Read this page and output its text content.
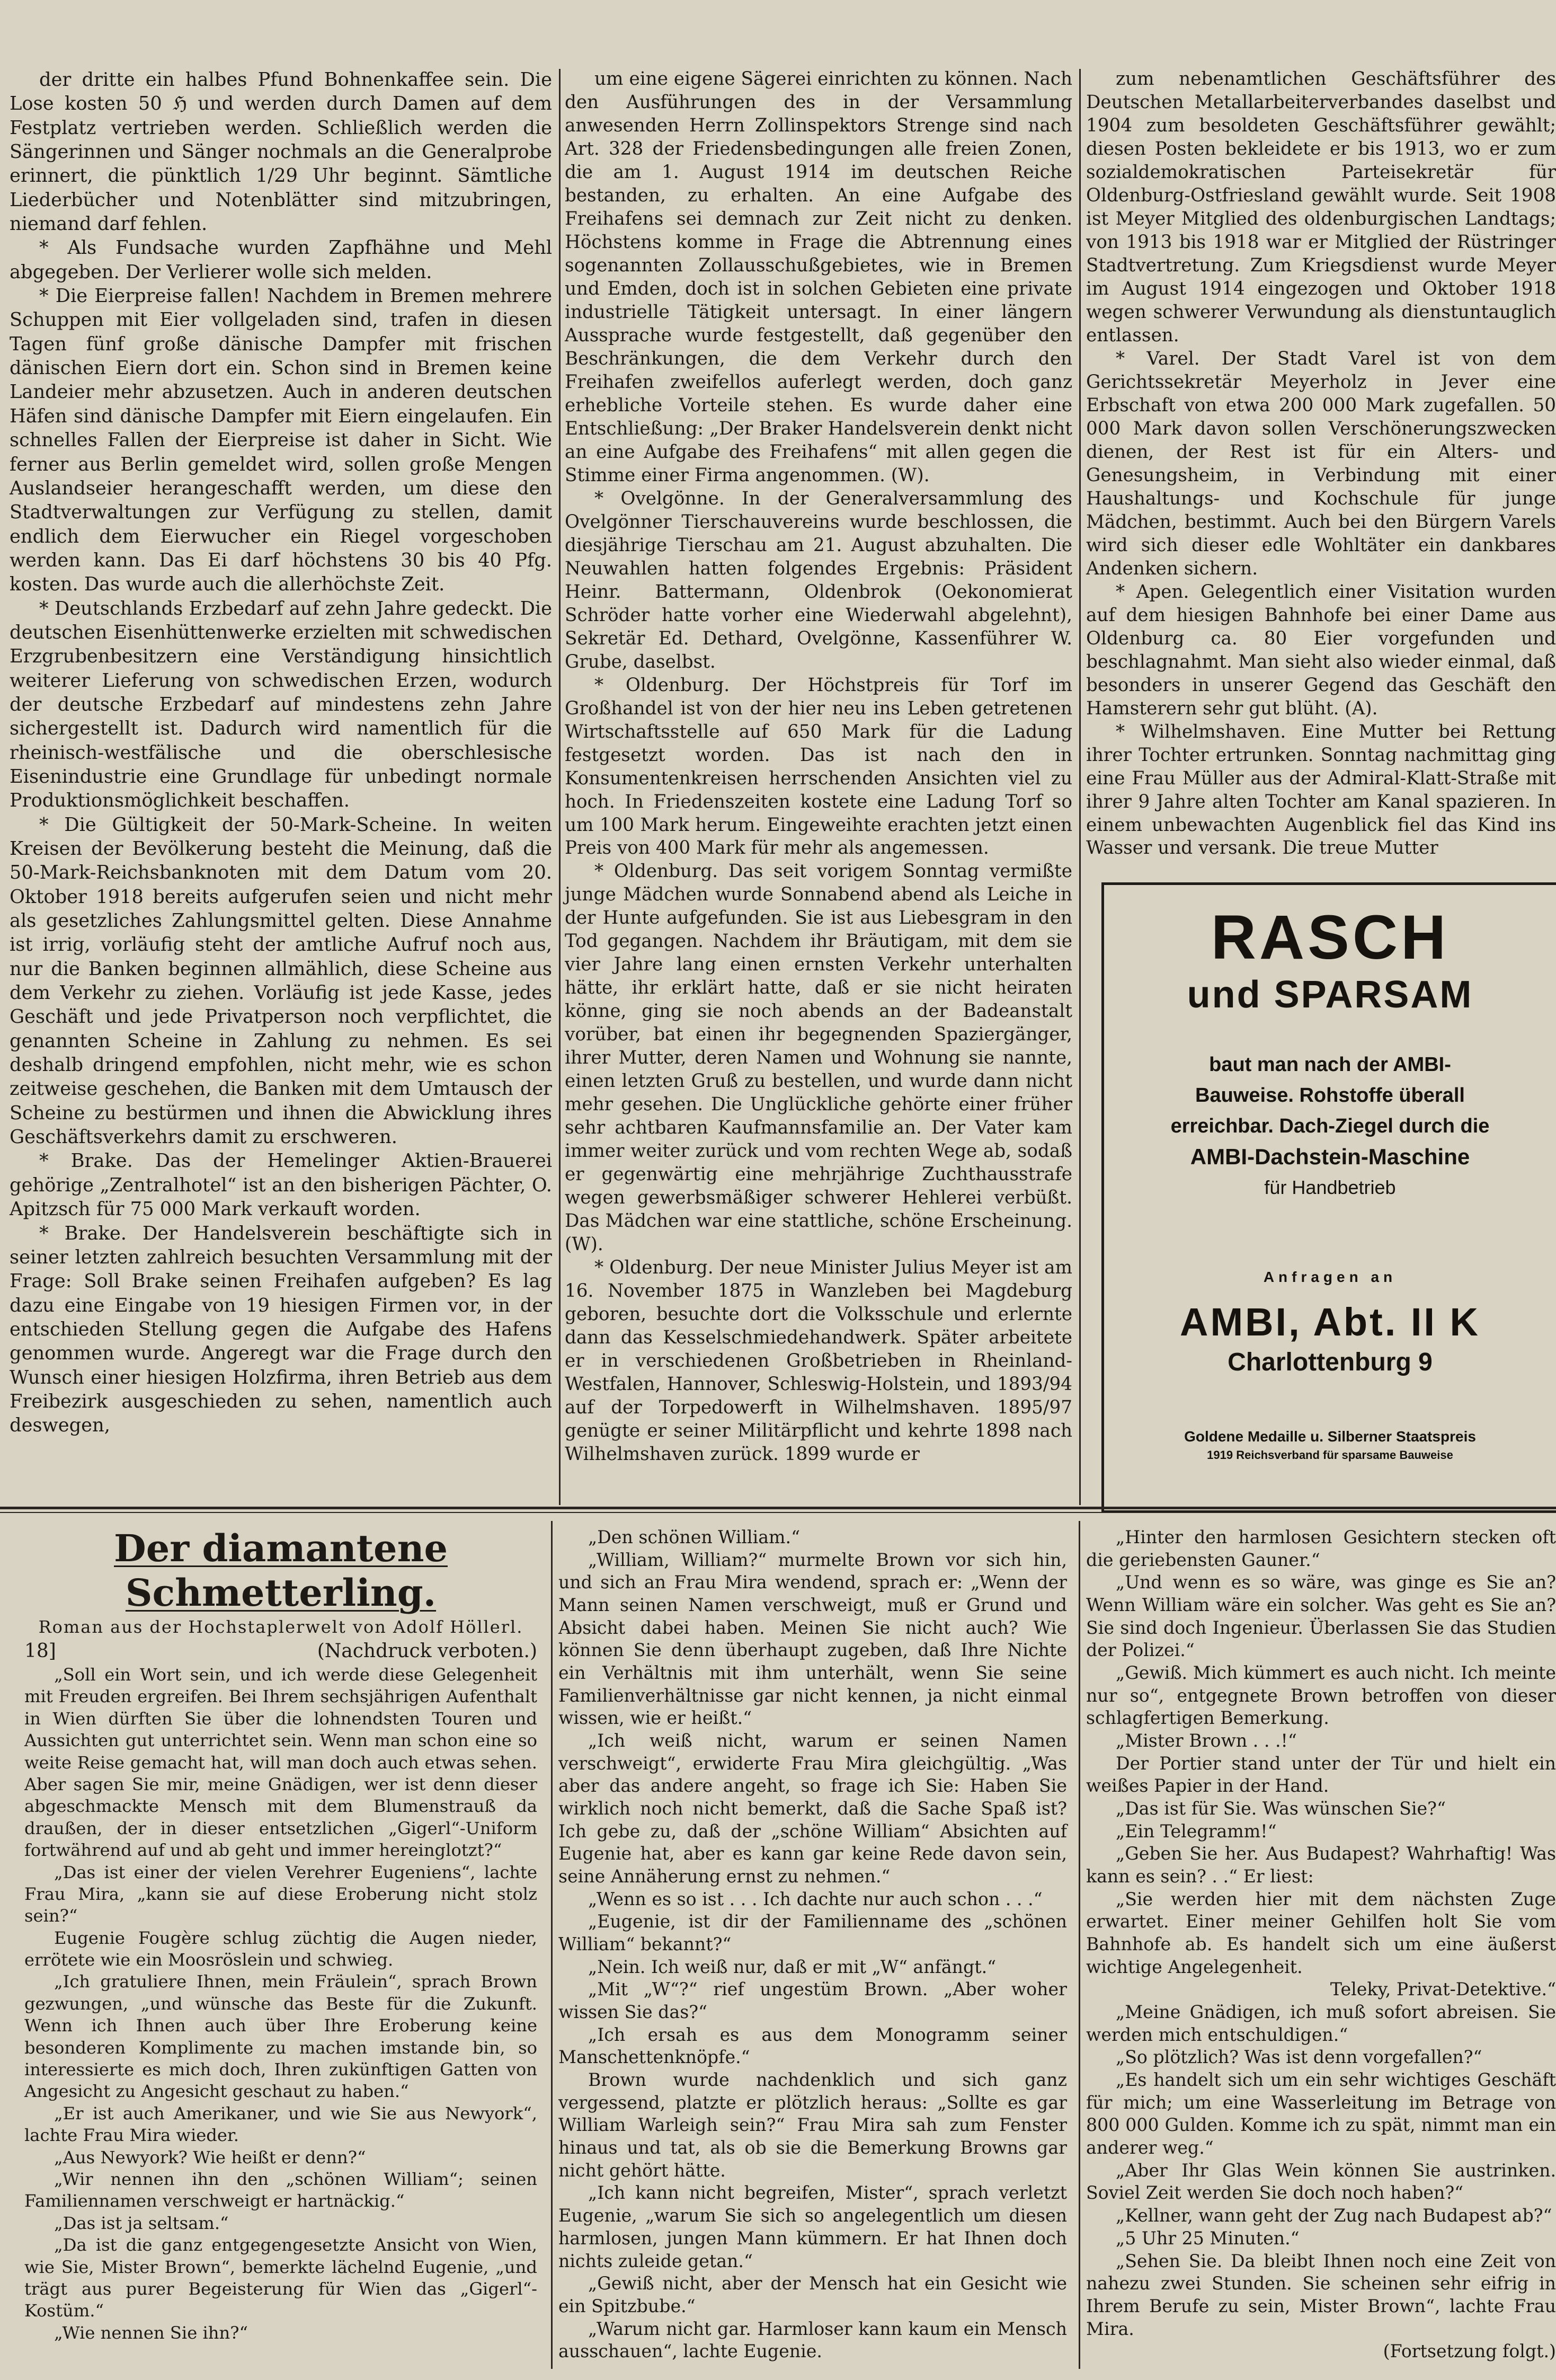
der dritte ein halbes Pfund Bohnenkaffee sein. Die Lose kosten 50 ℌ und werden durch Damen auf dem Festplatz vertrieben werden. Schließlich werden die Sängerinnen und Sänger nochmals an die Generalprobe erinnert, die pünktlich 1/29 Uhr beginnt. Sämtliche Liederbücher und Notenblätter sind mitzubringen, niemand darf fehlen.

* Als Fundsache wurden Zapfhähne und Mehl abgegeben. Der Verlierer wolle sich melden.

* Die Eierpreise fallen! Nachdem in Bremen mehrere Schuppen mit Eier vollgeladen sind, trafen in diesen Tagen fünf große dänische Dampfer mit frischen dänischen Eiern dort ein. Schon sind in Bremen keine Landeier mehr abzusetzen. Auch in anderen deutschen Häfen sind dänische Dampfer mit Eiern eingelaufen. Ein schnelles Fallen der Eierpreise ist daher in Sicht. Wie ferner aus Berlin gemeldet wird, sollen große Mengen Auslandseier herangeschafft werden, um diese den Stadtverwaltungen zur Verfügung zu stellen, damit endlich dem Eierwucher ein Riegel vorgeschoben werden kann. Das Ei darf höchstens 30 bis 40 Pfg. kosten. Das wurde auch die allerhöchste Zeit.

* Deutschlands Erzbedarf auf zehn Jahre gedeckt. Die deutschen Eisenhüttenwerke erzielten mit schwedischen Erzgrubenbesitzern eine Verständigung hinsichtlich weiterer Lieferung von schwedischen Erzen, wodurch der deutsche Erzbedarf auf mindestens zehn Jahre sichergestellt ist. Dadurch wird namentlich für die rheinisch-westfälische und die oberschlesische Eisenindustrie eine Grundlage für unbedingt normale Produktionsmöglichkeit beschaffen.

* Die Gültigkeit der 50-Mark-Scheine. In weiten Kreisen der Bevölkerung besteht die Meinung, daß die 50-Mark-Reichsbanknoten mit dem Datum vom 20. Oktober 1918 bereits aufgerufen seien und nicht mehr als gesetzliches Zahlungsmittel gelten. Diese Annahme ist irrig, vorläufig steht der amtliche Aufruf noch aus, nur die Banken beginnen allmählich, diese Scheine aus dem Verkehr zu ziehen. Vorläufig ist jede Kasse, jedes Geschäft und jede Privatperson noch verpflichtet, die genannten Scheine in Zahlung zu nehmen. Es sei deshalb dringend empfohlen, nicht mehr, wie es schon zeitweise geschehen, die Banken mit dem Umtausch der Scheine zu bestürmen und ihnen die Abwicklung ihres Geschäftsverkehrs damit zu erschweren.

* Brake. Das der Hemelinger Aktien-Brauerei gehörige „Zentralhotel“ ist an den bisherigen Pächter, O. Apitzsch für 75 000 Mark verkauft worden.

* Brake. Der Handelsverein beschäftigte sich in seiner letzten zahlreich besuchten Versammlung mit der Frage: Soll Brake seinen Freihafen aufgeben? Es lag dazu eine Eingabe von 19 hiesigen Firmen vor, in der entschieden Stellung gegen die Aufgabe des Hafens genommen wurde. Angeregt war die Frage durch den Wunsch einer hiesigen Holzfirma, ihren Betrieb aus dem Freibezirk ausgeschieden zu sehen, namentlich auch deswegen,

um eine eigene Sägerei einrichten zu können. Nach den Ausführungen des in der Versammlung anwesenden Herrn Zollinspektors Strenge sind nach Art. 328 der Friedensbedingungen alle freien Zonen, die am 1. August 1914 im deutschen Reiche bestanden, zu erhalten. An eine Aufgabe des Freihafens sei demnach zur Zeit nicht zu denken. Höchstens komme in Frage die Abtrennung eines sogenannten Zollausschußgebietes, wie in Bremen und Emden, doch ist in solchen Gebieten eine private industrielle Tätigkeit untersagt. In einer längern Aussprache wurde festgestellt, daß gegenüber den Beschränkungen, die dem Verkehr durch den Freihafen zweifellos auferlegt werden, doch ganz erhebliche Vorteile stehen. Es wurde daher eine Entschließung: „Der Braker Handelsverein denkt nicht an eine Aufgabe des Freihafens“ mit allen gegen die Stimme einer Firma angenommen. (W).

* Ovelgönne. In der Generalversammlung des Ovelgönner Tierschauvereins wurde beschlossen, die diesjährige Tierschau am 21. August abzuhalten. Die Neuwahlen hatten folgendes Ergebnis: Präsident Heinr. Battermann, Oldenbrok (Oekonomierat Schröder hatte vorher eine Wiederwahl abgelehnt), Sekretär Ed. Dethard, Ovelgönne, Kassenführer W. Grube, daselbst.

* Oldenburg. Der Höchstpreis für Torf im Großhandel ist von der hier neu ins Leben getretenen Wirtschaftsstelle auf 650 Mark für die Ladung festgesetzt worden. Das ist nach den in Konsumentenkreisen herrschenden Ansichten viel zu hoch. In Friedenszeiten kostete eine Ladung Torf so um 100 Mark herum. Eingeweihte erachten jetzt einen Preis von 400 Mark für mehr als angemessen.

* Oldenburg. Das seit vorigem Sonntag vermißte junge Mädchen wurde Sonnabend abend als Leiche in der Hunte aufgefunden. Sie ist aus Liebesgram in den Tod gegangen. Nachdem ihr Bräutigam, mit dem sie vier Jahre lang einen ernsten Verkehr unterhalten hätte, ihr erklärt hatte, daß er sie nicht heiraten könne, ging sie noch abends an der Badeanstalt vorüber, bat einen ihr begegnenden Spaziergänger, ihrer Mutter, deren Namen und Wohnung sie nannte, einen letzten Gruß zu bestellen, und wurde dann nicht mehr gesehen. Die Unglückliche gehörte einer früher sehr achtbaren Kaufmannsfamilie an. Der Vater kam immer weiter zurück und vom rechten Wege ab, sodaß er gegenwärtig eine mehrjährige Zuchthausstrafe wegen gewerbsmäßiger schwerer Hehlerei verbüßt. Das Mädchen war eine stattliche, schöne Erscheinung. (W).

* Oldenburg. Der neue Minister Julius Meyer ist am 16. November 1875 in Wanzleben bei Magdeburg geboren, besuchte dort die Volksschule und erlernte dann das Kesselschmiedehandwerk. Später arbeitete er in verschiedenen Großbetrieben in Rheinland-Westfalen, Hannover, Schleswig-Holstein, und 1893/94 auf der Torpedowerft in Wilhelmshaven. 1895/97 genügte er seiner Militärpflicht und kehrte 1898 nach Wilhelmshaven zurück. 1899 wurde er

zum nebenamtlichen Geschäftsführer des Deutschen Metallarbeiterverbandes daselbst und 1904 zum besoldeten Geschäftsführer gewählt; diesen Posten bekleidete er bis 1913, wo er zum sozialdemokratischen Parteisekretär für Oldenburg-Ostfriesland gewählt wurde. Seit 1908 ist Meyer Mitglied des oldenburgischen Landtags; von 1913 bis 1918 war er Mitglied der Rüstringer Stadtvertretung. Zum Kriegsdienst wurde Meyer im August 1914 eingezogen und Oktober 1918 wegen schwerer Verwundung als dienstuntauglich entlassen.

* Varel. Der Stadt Varel ist von dem Gerichtssekretär Meyerholz in Jever eine Erbschaft von etwa 200 000 Mark zugefallen. 50 000 Mark davon sollen Verschönerungszwecken dienen, der Rest ist für ein Alters- und Genesungsheim, in Verbindung mit einer Haushaltungs- und Kochschule für junge Mädchen, bestimmt. Auch bei den Bürgern Varels wird sich dieser edle Wohltäter ein dankbares Andenken sichern.

* Apen. Gelegentlich einer Visitation wurden auf dem hiesigen Bahnhofe bei einer Dame aus Oldenburg ca. 80 Eier vorgefunden und beschlagnahmt. Man sieht also wieder einmal, daß besonders in unserer Gegend das Geschäft den Hamsterern sehr gut blüht. (A).

* Wilhelmshaven. Eine Mutter bei Rettung ihrer Tochter ertrunken. Sonntag nachmittag ging eine Frau Müller aus der Admiral-Klatt-Straße mit ihrer 9 Jahre alten Tochter am Kanal spazieren. In einem unbewachten Augenblick fiel das Kind ins Wasser und versank. Die treue Mutter

RASCH
und SPARSAM
baut man nach der AMBI-
Bauweise. Rohstoffe überall
erreichbar. Dach-Ziegel durch die
AMBI-Dachstein-Maschine
für Handbetrieb
Anfragen an
AMBI, Abt. II K
Charlottenburg 9
Goldene Medaille u. Silberner Staatspreis
1919 Reichsverband für sparsame Bauweise

Der diamantene Schmetterling.

Roman aus der Hochstaplerwelt von Adolf Höllerl.

18]	(Nachdruck verboten.)

„Soll ein Wort sein, und ich werde diese Gelegenheit mit Freuden ergreifen. Bei Ihrem sechsjährigen Aufenthalt in Wien dürften Sie über die lohnendsten Touren und Aussichten gut unterrichtet sein. Wenn man schon eine so weite Reise gemacht hat, will man doch auch etwas sehen. Aber sagen Sie mir, meine Gnädigen, wer ist denn dieser abgeschmackte Mensch mit dem Blumenstrauß da draußen, der in dieser entsetzlichen „Gigerl“-Uniform fortwährend auf und ab geht und immer hereinglotzt?“

„Das ist einer der vielen Verehrer Eugeniens“, lachte Frau Mira, „kann sie auf diese Eroberung nicht stolz sein?“

Eugenie Fougère schlug züchtig die Augen nieder, errötete wie ein Moosröslein und schwieg.

„Ich gratuliere Ihnen, mein Fräulein“, sprach Brown gezwungen, „und wünsche das Beste für die Zukunft. Wenn ich Ihnen auch über Ihre Eroberung keine besonderen Komplimente zu machen imstande bin, so interessierte es mich doch, Ihren zukünftigen Gatten von Angesicht zu Angesicht geschaut zu haben.“

„Er ist auch Amerikaner, und wie Sie aus Newyork“, lachte Frau Mira wieder.

„Aus Newyork? Wie heißt er denn?“

„Wir nennen ihn den „schönen William“; seinen Familiennamen verschweigt er hartnäckig.“

„Das ist ja seltsam.“

„Da ist die ganz entgegengesetzte Ansicht von Wien, wie Sie, Mister Brown“, bemerkte lächelnd Eugenie, „und trägt aus purer Begeisterung für Wien das „Gigerl“-Kostüm.“

„Wie nennen Sie ihn?“

„Den schönen William.“

„William, William?“ murmelte Brown vor sich hin, und sich an Frau Mira wendend, sprach er: „Wenn der Mann seinen Namen verschweigt, muß er Grund und Absicht dabei haben. Meinen Sie nicht auch? Wie können Sie denn überhaupt zugeben, daß Ihre Nichte ein Verhältnis mit ihm unterhält, wenn Sie seine Familienverhältnisse gar nicht kennen, ja nicht einmal wissen, wie er heißt.“

„Ich weiß nicht, warum er seinen Namen verschweigt“, erwiderte Frau Mira gleichgültig. „Was aber das andere angeht, so frage ich Sie: Haben Sie wirklich noch nicht bemerkt, daß die Sache Spaß ist? Ich gebe zu, daß der „schöne William“ Absichten auf Eugenie hat, aber es kann gar keine Rede davon sein, seine Annäherung ernst zu nehmen.“

„Wenn es so ist . . . Ich dachte nur auch schon . . .“

„Eugenie, ist dir der Familienname des „schönen William“ bekannt?“

„Nein. Ich weiß nur, daß er mit „W“ anfängt.“

„Mit „W“?“ rief ungestüm Brown. „Aber woher wissen Sie das?“

„Ich ersah es aus dem Monogramm seiner Manschettenknöpfe.“

Brown wurde nachdenklich und sich ganz vergessend, platzte er plötzlich heraus: „Sollte es gar William Warleigh sein?“ Frau Mira sah zum Fenster hinaus und tat, als ob sie die Bemerkung Browns gar nicht gehört hätte.

„Ich kann nicht begreifen, Mister“, sprach verletzt Eugenie, „warum Sie sich so angelegentlich um diesen harmlosen, jungen Mann kümmern. Er hat Ihnen doch nichts zuleide getan.“

„Gewiß nicht, aber der Mensch hat ein Gesicht wie ein Spitzbube.“

„Warum nicht gar. Harmloser kann kaum ein Mensch ausschauen“, lachte Eugenie.

„Hinter den harmlosen Gesichtern stecken oft die geriebensten Gauner.“

„Und wenn es so wäre, was ginge es Sie an? Wenn William wäre ein solcher. Was geht es Sie an? Sie sind doch Ingenieur. Überlassen Sie das Studien der Polizei.“

„Gewiß. Mich kümmert es auch nicht. Ich meinte nur so“, entgegnete Brown betroffen von dieser schlagfertigen Bemerkung.

„Mister Brown . . .!“

Der Portier stand unter der Tür und hielt ein weißes Papier in der Hand.

„Das ist für Sie. Was wünschen Sie?“

„Ein Telegramm!“

„Geben Sie her. Aus Budapest? Wahrhaftig! Was kann es sein? . .“ Er liest:

„Sie werden hier mit dem nächsten Zuge erwartet. Einer meiner Gehilfen holt Sie vom Bahnhofe ab. Es handelt sich um eine äußerst wichtige Angelegenheit.

Teleky, Privat-Detektive.“

„Meine Gnädigen, ich muß sofort abreisen. Sie werden mich entschuldigen.“

„So plötzlich? Was ist denn vorgefallen?“

„Es handelt sich um ein sehr wichtiges Geschäft für mich; um eine Wasserleitung im Betrage von 800 000 Gulden. Komme ich zu spät, nimmt man ein anderer weg.“

„Aber Ihr Glas Wein können Sie austrinken. Soviel Zeit werden Sie doch noch haben?“

„Kellner, wann geht der Zug nach Budapest ab?“

„5 Uhr 25 Minuten.“

„Sehen Sie. Da bleibt Ihnen noch eine Zeit von nahezu zwei Stunden. Sie scheinen sehr eifrig in Ihrem Berufe zu sein, Mister Brown“, lachte Frau Mira.

(Fortsetzung folgt.)
